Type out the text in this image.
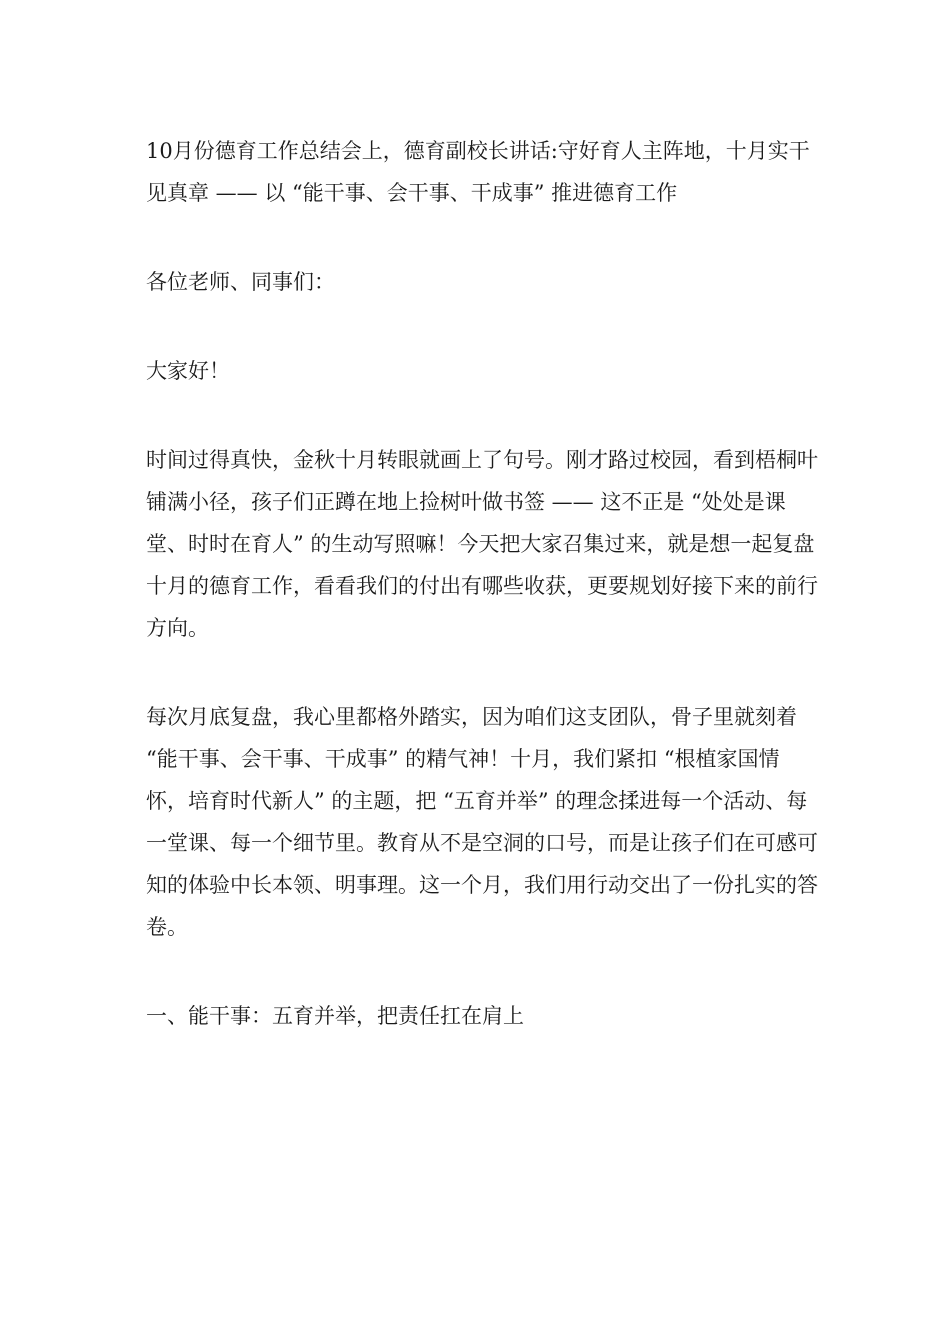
10月份德育工作总结会上，德育副校长讲话:守好育人主阵地，十月实干见真章 —— 以 “能干事、会干事、干成事” 推进德育工作

各位老师、同事们：

大家好！

时间过得真快，金秋十月转眼就画上了句号。刚才路过校园，看到梧桐叶铺满小径，孩子们正蹲在地上捡树叶做书签 —— 这不正是 “处处是课堂、时时在育人” 的生动写照嘛！今天把大家召集过来，就是想一起复盘十月的德育工作，看看我们的付出有哪些收获，更要规划好接下来的前行方向。

每次月底复盘，我心里都格外踏实，因为咱们这支团队，骨子里就刻着 “能干事、会干事、干成事” 的精气神！十月，我们紧扣 “根植家国情怀，培育时代新人” 的主题，把 “五育并举” 的理念揉进每一个活动、每一堂课、每一个细节里。教育从不是空洞的口号，而是让孩子们在可感可知的体验中长本领、明事理。这一个月，我们用行动交出了一份扎实的答卷。

一、能干事：五育并举，把责任扛在肩上
